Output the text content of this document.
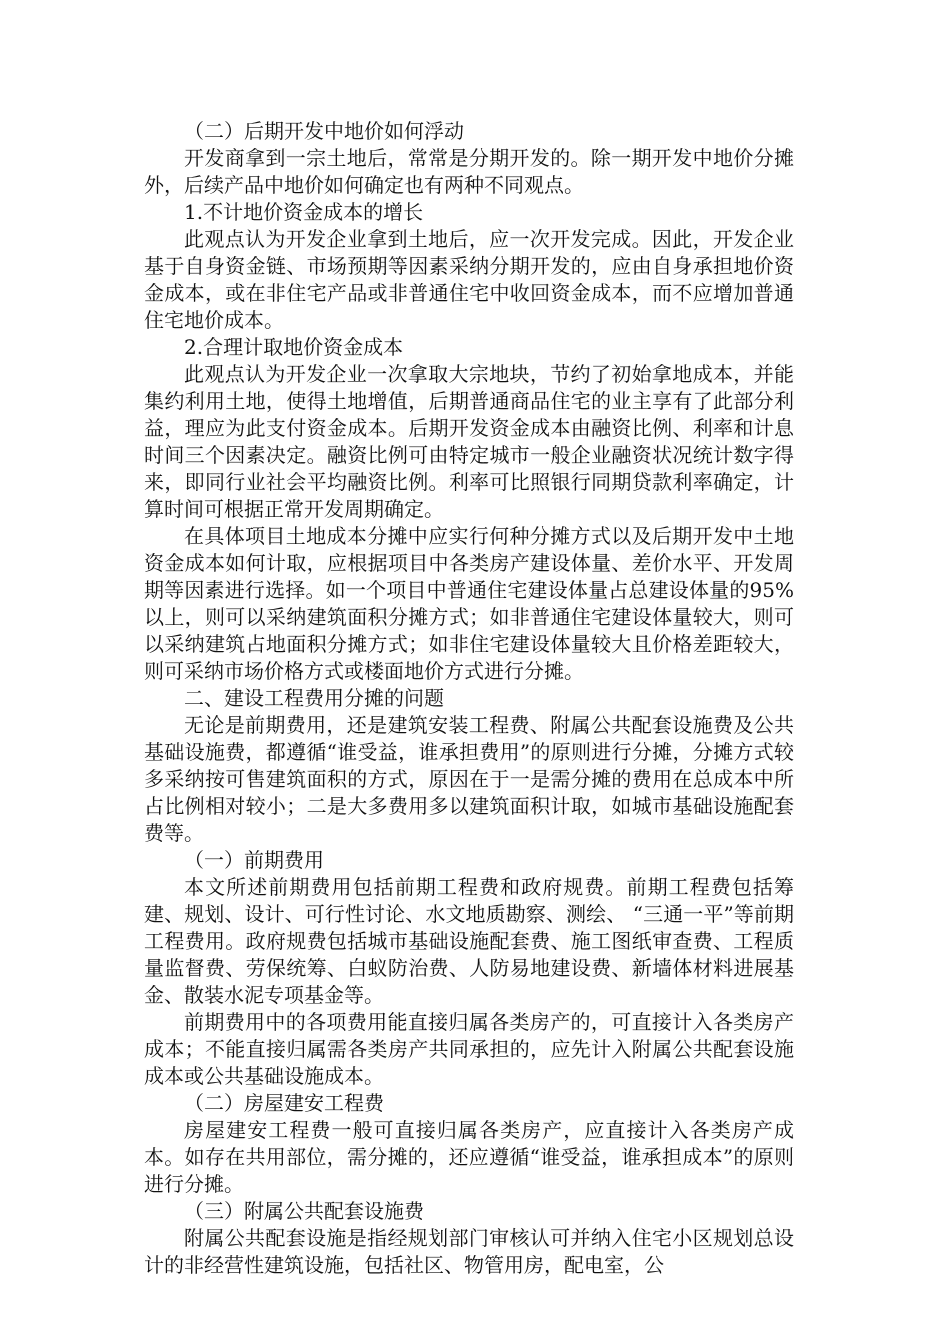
（二）后期开发中地价如何浮动

开发商拿到一宗土地后，常常是分期开发的。除一期开发中地价分摊外，后续产品中地价如何确定也有两种不同观点。

1.不计地价资金成本的增长

此观点认为开发企业拿到土地后，应一次开发完成。因此，开发企业基于自身资金链、市场预期等因素采纳分期开发的，应由自身承担地价资金成本，或在非住宅产品或非普通住宅中收回资金成本，而不应增加普通住宅地价成本。

2.合理计取地价资金成本

此观点认为开发企业一次拿取大宗地块，节约了初始拿地成本，并能集约利用土地，使得土地增值，后期普通商品住宅的业主享有了此部分利益，理应为此支付资金成本。后期开发资金成本由融资比例、利率和计息时间三个因素决定。融资比例可由特定城市一般企业融资状况统计数字得来，即同行业社会平均融资比例。利率可比照银行同期贷款利率确定，计算时间可根据正常开发周期确定。

在具体项目土地成本分摊中应实行何种分摊方式以及后期开发中土地资金成本如何计取，应根据项目中各类房产建设体量、差价水平、开发周期等因素进行选择。如一个项目中普通住宅建设体量占总建设体量的95%以上，则可以采纳建筑面积分摊方式；如非普通住宅建设体量较大，则可以采纳建筑占地面积分摊方式；如非住宅建设体量较大且价格差距较大，则可采纳市场价格方式或楼面地价方式进行分摊。

二、建设工程费用分摊的问题

无论是前期费用，还是建筑安装工程费、附属公共配套设施费及公共基础设施费，都遵循“谁受益，谁承担费用”的原则进行分摊，分摊方式较多采纳按可售建筑面积的方式，原因在于一是需分摊的费用在总成本中所占比例相对较小；二是大多费用多以建筑面积计取，如城市基础设施配套费等。

（一）前期费用

本文所述前期费用包括前期工程费和政府规费。前期工程费包括筹建、规划、设计、可行性讨论、水文地质勘察、测绘、 “三通一平”等前期工程费用。政府规费包括城市基础设施配套费、施工图纸审查费、工程质量监督费、劳保统筹、白蚁防治费、人防易地建设费、新墙体材料进展基金、散装水泥专项基金等。

前期费用中的各项费用能直接归属各类房产的，可直接计入各类房产成本；不能直接归属需各类房产共同承担的，应先计入附属公共配套设施成本或公共基础设施成本。

（二）房屋建安工程费

房屋建安工程费一般可直接归属各类房产，应直接计入各类房产成本。如存在共用部位，需分摊的，还应遵循“谁受益，谁承担成本”的原则进行分摊。

（三）附属公共配套设施费

附属公共配套设施是指经规划部门审核认可并纳入住宅小区规划总设计的非经营性建筑设施，包括社区、物管用房，配电室，公
